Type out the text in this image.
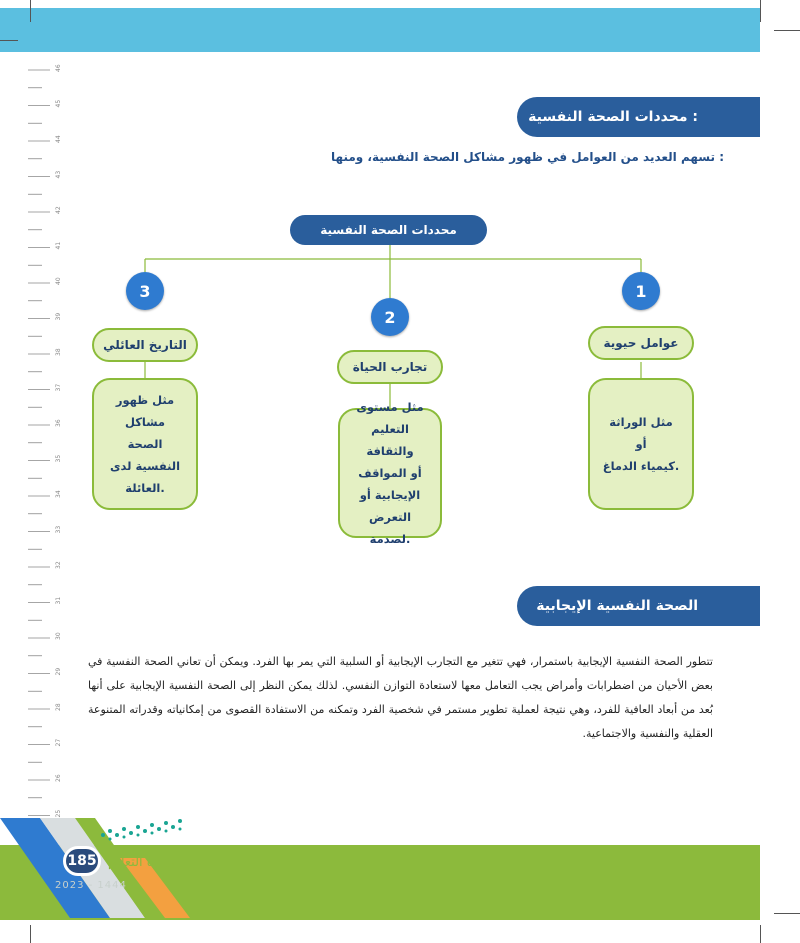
46
45
44
43
42
41
40
39
38
37
36
35
34
33
32
31
30
29
28
27
26
25
محددات الصحة النفسية :
تسهم العديد من العوامل في ظهور مشاكل الصحة النفسية، ومنها :
محددات الصحة النفسية
3
التاريخ العائلي
مثل ظهور
مشاكل الصحة
النفسية لدى
العائلة.
2
تجارب الحياة
مثل مستوى
التعليم والثقافة
أو المواقف
الإيجابية أو
التعرض لصدمة.
1
عوامل حيوية
مثل الوراثة أو
كيمياء الدماغ.
الصحة النفسية الإيجابية

تتطور الصحة النفسية الإيجابية باستمرار، فهي تتغير مع التجارب الإيجابية أو السلبية التي يمر بها الفرد. ويمكن أن تعاني الصحة النفسية في بعض الأحيان من اضطرابات وأمراض يجب التعامل معها لاستعادة التوازن النفسي. لذلك يمكن النظر إلى الصحة النفسية الإيجابية على أنها بُعد من أبعاد العافية للفرد، وهي نتيجة لعملية تطوير مستمر في شخصية الفرد وتمكنه من الاستفادة القصوى من إمكانياته وقدراته المتنوعة العقلية والنفسية والاجتماعية.

وزارة التعليم
2023 - 1444
185
